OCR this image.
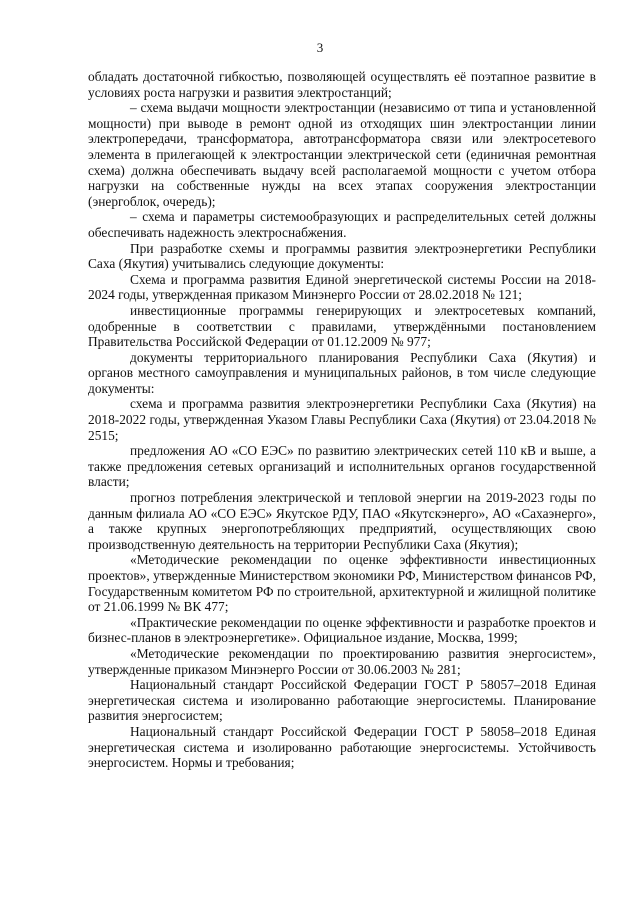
3

обладать достаточной гибкостью, позволяющей осуществлять её поэтапное развитие в условиях роста нагрузки и развития электростанций;

– схема выдачи мощности электростанции (независимо от типа и установленной мощности) при выводе в ремонт одной из отходящих шин электростанции линии электропередачи, трансформатора, автотрансформатора связи или электросетевого элемента в прилегающей к электростанции электрической сети (единичная ремонтная схема) должна обеспечивать выдачу всей располагаемой мощности с учетом отбора нагрузки на собственные нужды на всех этапах сооружения электростанции (энергоблок, очередь);

– схема и параметры системообразующих и распределительных сетей должны обеспечивать надежность электроснабжения.

При разработке схемы и программы развития электроэнергетики Республики Саха (Якутия) учитывались следующие документы:

Схема и программа развития Единой энергетической системы России на 2018-2024 годы, утвержденная приказом Минэнерго России от 28.02.2018 № 121;

инвестиционные программы генерирующих и электросетевых компаний, одобренные в соответствии с правилами, утверждёнными постановлением Правительства Российской Федерации от 01.12.2009 № 977;

документы территориального планирования Республики Саха (Якутия) и органов местного самоуправления и муниципальных районов, в том числе следующие документы:

схема и программа развития электроэнергетики Республики Саха (Якутия) на 2018-2022 годы, утвержденная Указом Главы Республики Саха (Якутия) от 23.04.2018 № 2515;

предложения АО «СО ЕЭС» по развитию электрических сетей 110 кВ и выше, а также предложения сетевых организаций и исполнительных органов государственной власти;

прогноз потребления электрической и тепловой энергии на 2019-2023 годы по данным филиала АО «СО ЕЭС» Якутское РДУ, ПАО «Якутскэнерго», АО «Сахаэнерго», а также крупных энергопотребляющих предприятий, осуществляющих свою производственную деятельность на территории Республики Саха (Якутия);

«Методические рекомендации по оценке эффективности инвестиционных проектов», утвержденные Министерством экономики РФ, Министерством финансов РФ, Государственным комитетом РФ по строительной, архитектурной и жилищной политике от 21.06.1999 № ВК 477;

«Практические рекомендации по оценке эффективности и разработке проектов и бизнес-планов в электроэнергетике». Официальное издание, Москва, 1999;

«Методические рекомендации по проектированию развития энергосистем», утвержденные приказом Минэнерго России от 30.06.2003 № 281;

Национальный стандарт Российской Федерации ГОСТ Р 58057–2018 Единая энергетическая система и изолированно работающие энергосистемы. Планирование развития энергосистем;

Национальный стандарт Российской Федерации ГОСТ Р 58058–2018 Единая энергетическая система и изолированно работающие энергосистемы. Устойчивость энергосистем. Нормы и требования;
